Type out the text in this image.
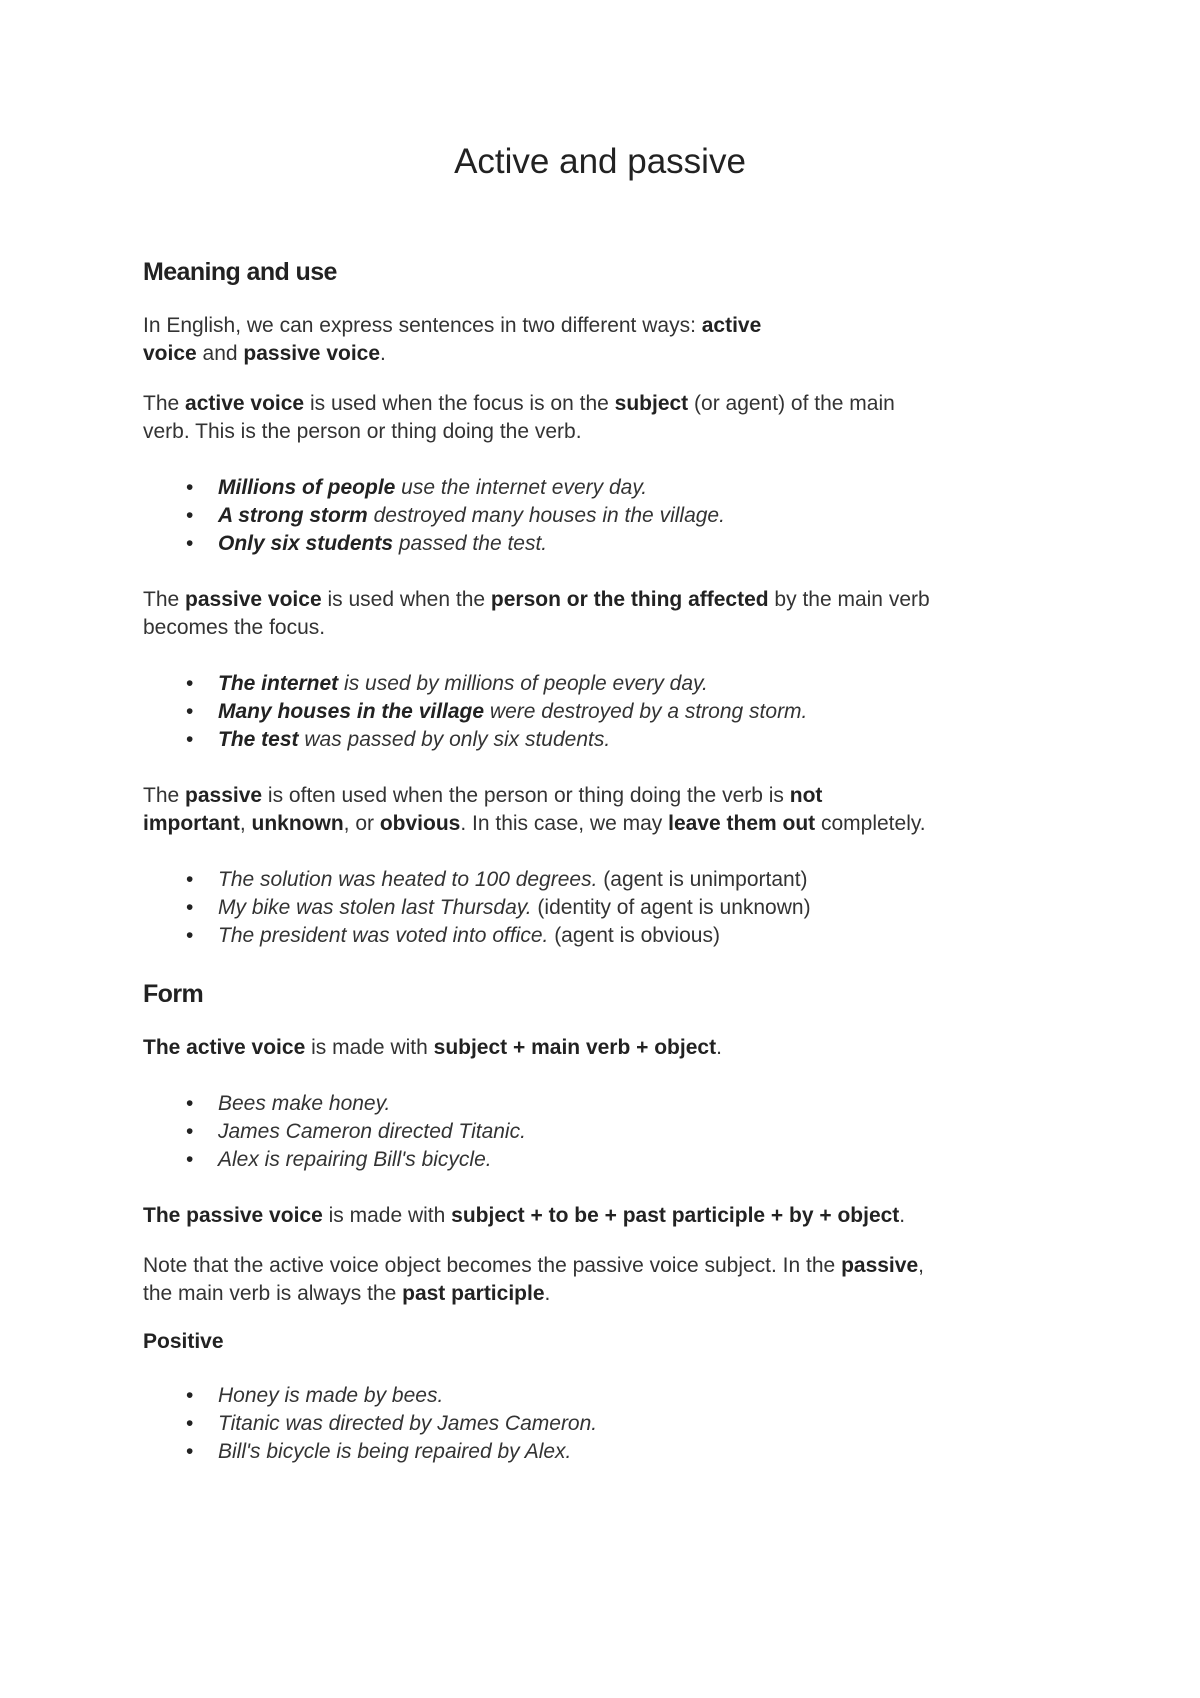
Active and passive
Meaning and use
In English, we can express sentences in two different ways: active
voice and passive voice.
The active voice is used when the focus is on the subject (or agent) of the main
verb. This is the person or thing doing the verb.
• Millions of people use the internet every day.
• A strong storm destroyed many houses in the village.
• Only six students passed the test.
The passive voice is used when the person or the thing affected by the main verb
becomes the focus.
• The internet is used by millions of people every day.
• Many houses in the village were destroyed by a strong storm.
• The test was passed by only six students.
The passive is often used when the person or thing doing the verb is not
important, unknown, or obvious. In this case, we may leave them out completely.
• The solution was heated to 100 degrees. (agent is unimportant)
• My bike was stolen last Thursday. (identity of agent is unknown)
• The president was voted into office. (agent is obvious)
Form
The active voice is made with subject + main verb + object.
• Bees make honey.
• James Cameron directed Titanic.
• Alex is repairing Bill's bicycle.
The passive voice is made with subject + to be + past participle + by + object.
Note that the active voice object becomes the passive voice subject. In the passive,
the main verb is always the past participle.
Positive
• Honey is made by bees.
• Titanic was directed by James Cameron.
• Bill's bicycle is being repaired by Alex.
